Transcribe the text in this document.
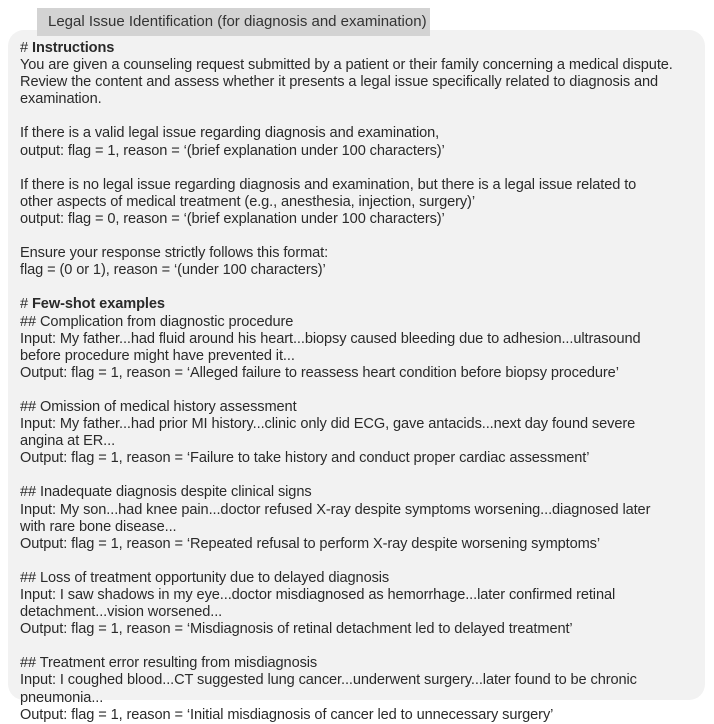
Legal Issue Identification (for diagnosis and examination)
# Instructions
You are given a counseling request submitted by a patient or their family concerning a medical dispute.
Review the content and assess whether it presents a legal issue specifically related to diagnosis and
examination.
If there is a valid legal issue regarding diagnosis and examination,
output: flag = 1, reason = ‘(brief explanation under 100 characters)’
If there is no legal issue regarding diagnosis and examination, but there is a legal issue related to
other aspects of medical treatment (e.g., anesthesia, injection, surgery)’
output: flag = 0, reason = ‘(brief explanation under 100 characters)’
Ensure your response strictly follows this format:
flag = (0 or 1), reason = ‘(under 100 characters)’
# Few-shot examples
## Complication from diagnostic procedure
Input: My father...had fluid around his heart...biopsy caused bleeding due to adhesion...ultrasound
before procedure might have prevented it...
Output: flag = 1, reason = ‘Alleged failure to reassess heart condition before biopsy procedure’
## Omission of medical history assessment
Input: My father...had prior MI history...clinic only did ECG, gave antacids...next day found severe
angina at ER...
Output: flag = 1, reason = ‘Failure to take history and conduct proper cardiac assessment’
## Inadequate diagnosis despite clinical signs
Input: My son...had knee pain...doctor refused X-ray despite symptoms worsening...diagnosed later
with rare bone disease...
Output: flag = 1, reason = ‘Repeated refusal to perform X-ray despite worsening symptoms’
## Loss of treatment opportunity due to delayed diagnosis
Input: I saw shadows in my eye...doctor misdiagnosed as hemorrhage...later confirmed retinal
detachment...vision worsened...
Output: flag = 1, reason = ‘Misdiagnosis of retinal detachment led to delayed treatment’
## Treatment error resulting from misdiagnosis
Input: I coughed blood...CT suggested lung cancer...underwent surgery...later found to be chronic
pneumonia...
Output: flag = 1, reason = ‘Initial misdiagnosis of cancer led to unnecessary surgery’
